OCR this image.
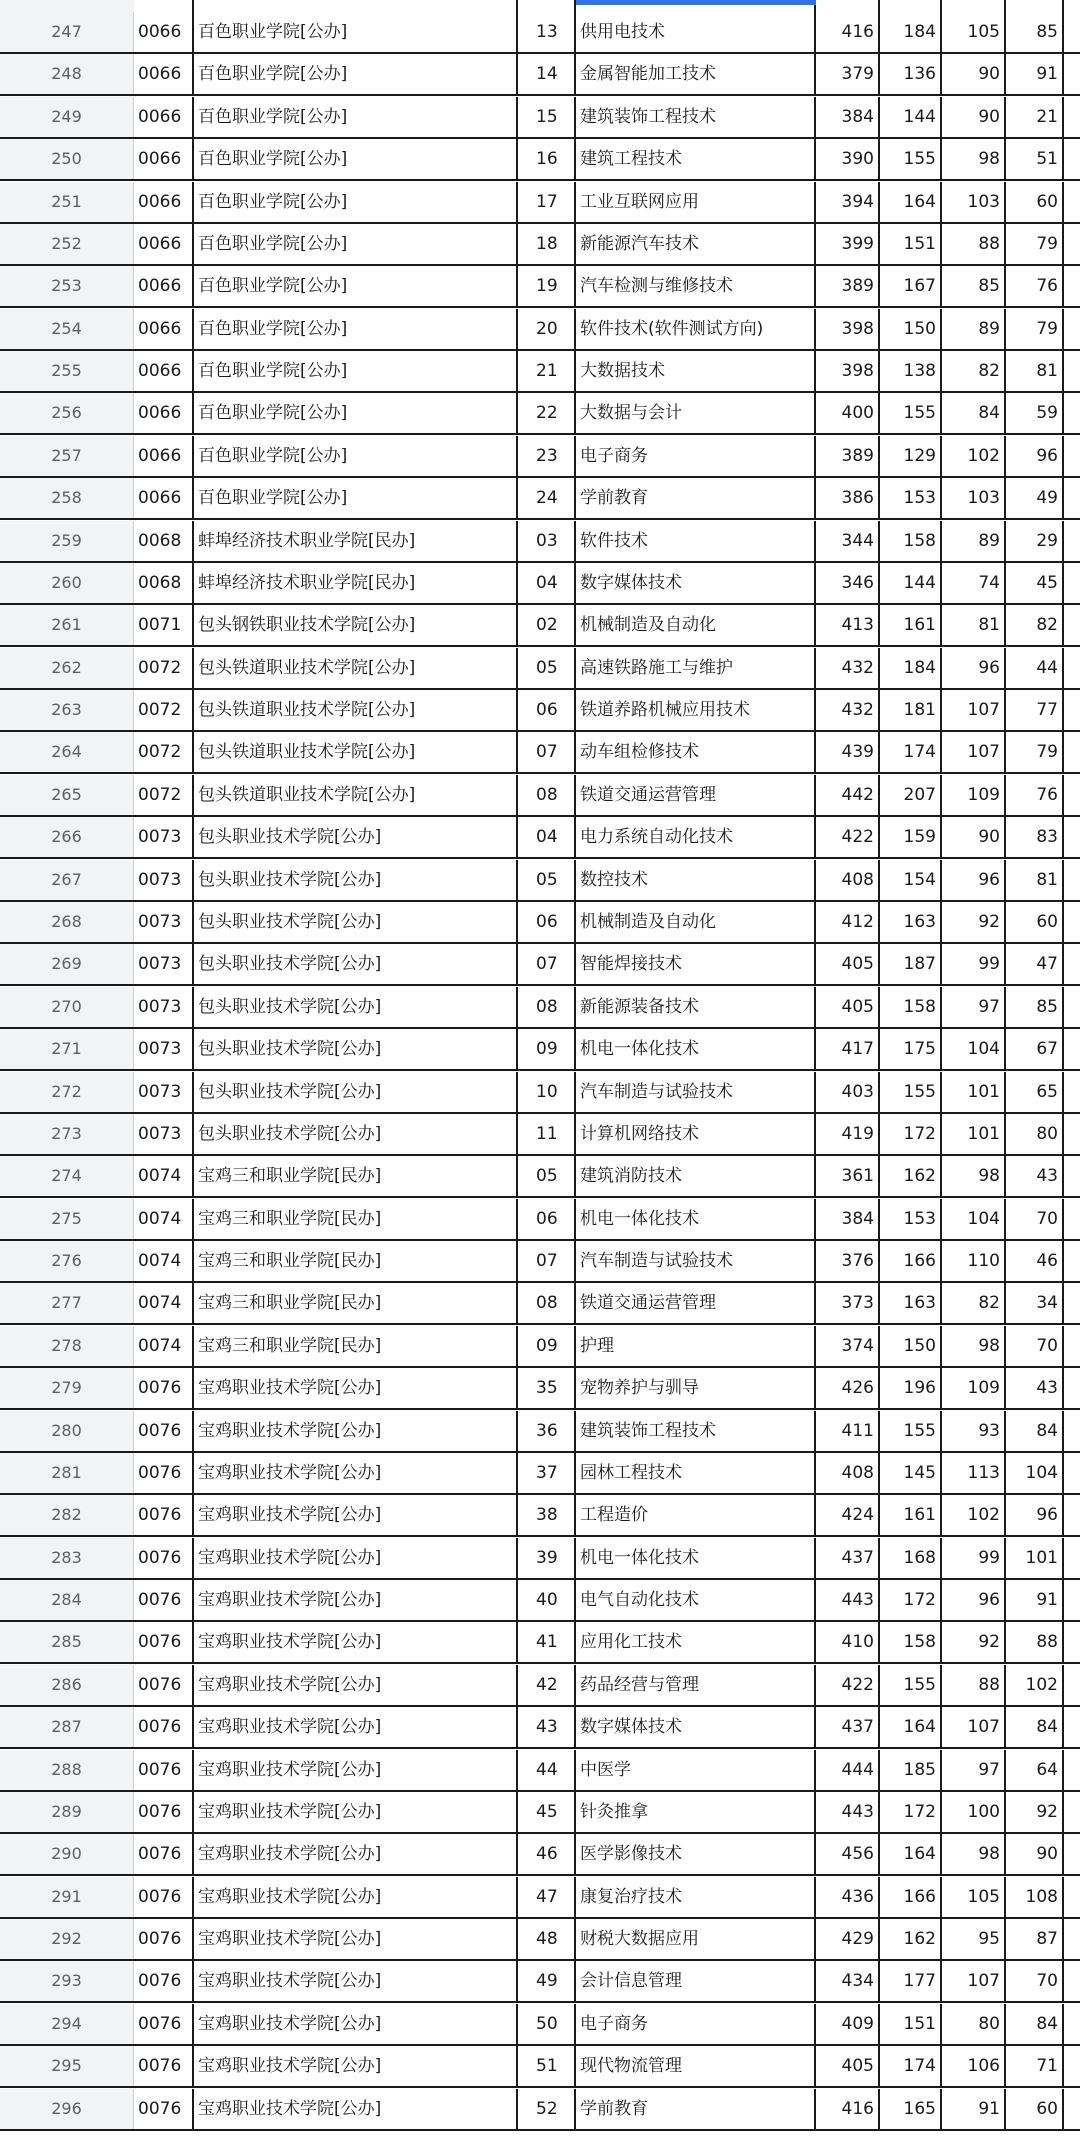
247	0066 百色职业学院[公办]	13	供用电技术	416	184	105	85
248	0066 百色职业学院[公办]	14	金属智能加工技术	379	136	90	91
249	0066 百色职业学院[公办]	15	建筑装饰工程技术	384	144	90	21
250	0066 百色职业学院[公办]	16	建筑工程技术	390	155	98	51
251	0066 百色职业学院[公办]	17	工业互联网应用	394	164	103	60
252	0066 百色职业学院[公办]	18	新能源汽车技术	399	151	88	79
253	0066 百色职业学院[公办]	19	汽车检测与维修技术	389	167	85	76
254	0066 百色职业学院[公办]	20	软件技术(软件测试方向)	398	150	89	79
255	0066 百色职业学院[公办]	21	大数据技术	398	138	82	81
256	0066 百色职业学院[公办]	22	大数据与会计	400	155	84	59
257	0066 百色职业学院[公办]	23	电子商务	389	129	102	96
258	0066 百色职业学院[公办]	24	学前教育	386	153	103	49
259	0068 蚌埠经济技术职业学院[民办]	03	软件技术	344	158	89	29
260	0068 蚌埠经济技术职业学院[民办]	04	数字媒体技术	346	144	74	45
261	0071 包头钢铁职业技术学院[公办]	02	机械制造及自动化	413	161	81	82
262	0072 包头铁道职业技术学院[公办]	05	高速铁路施工与维护	432	184	96	44
263	0072 包头铁道职业技术学院[公办]	06	铁道养路机械应用技术	432	181	107	77
264	0072 包头铁道职业技术学院[公办]	07	动车组检修技术	439	174	107	79
265	0072 包头铁道职业技术学院[公办]	08	铁道交通运营管理	442	207	109	76
266	0073 包头职业技术学院[公办]	04	电力系统自动化技术	422	159	90	83
267	0073 包头职业技术学院[公办]	05	数控技术	408	154	96	81
268	0073 包头职业技术学院[公办]	06	机械制造及自动化	412	163	92	60
269	0073 包头职业技术学院[公办]	07	智能焊接技术	405	187	99	47
270	0073 包头职业技术学院[公办]	08	新能源装备技术	405	158	97	85
271	0073 包头职业技术学院[公办]	09	机电一体化技术	417	175	104	67
272	0073 包头职业技术学院[公办]	10	汽车制造与试验技术	403	155	101	65
273	0073 包头职业技术学院[公办]	11	计算机网络技术	419	172	101	80
274	0074 宝鸡三和职业学院[民办]	05	建筑消防技术	361	162	98	43
275	0074 宝鸡三和职业学院[民办]	06	机电一体化技术	384	153	104	70
276	0074 宝鸡三和职业学院[民办]	07	汽车制造与试验技术	376	166	110	46
277	0074 宝鸡三和职业学院[民办]	08	铁道交通运营管理	373	163	82	34
278	0074 宝鸡三和职业学院[民办]	09	护理	374	150	98	70
279	0076 宝鸡职业技术学院[公办]	35	宠物养护与驯导	426	196	109	43
280	0076 宝鸡职业技术学院[公办]	36	建筑装饰工程技术	411	155	93	84
281	0076 宝鸡职业技术学院[公办]	37	园林工程技术	408	145	113	104
282	0076 宝鸡职业技术学院[公办]	38	工程造价	424	161	102	96
283	0076 宝鸡职业技术学院[公办]	39	机电一体化技术	437	168	99	101
284	0076 宝鸡职业技术学院[公办]	40	电气自动化技术	443	172	96	91
285	0076 宝鸡职业技术学院[公办]	41	应用化工技术	410	158	92	88
286	0076 宝鸡职业技术学院[公办]	42	药品经营与管理	422	155	88	102
287	0076 宝鸡职业技术学院[公办]	43	数字媒体技术	437	164	107	84
288	0076 宝鸡职业技术学院[公办]	44	中医学	444	185	97	64
289	0076 宝鸡职业技术学院[公办]	45	针灸推拿	443	172	100	92
290	0076 宝鸡职业技术学院[公办]	46	医学影像技术	456	164	98	90
291	0076 宝鸡职业技术学院[公办]	47	康复治疗技术	436	166	105	108
292	0076 宝鸡职业技术学院[公办]	48	财税大数据应用	429	162	95	87
293	0076 宝鸡职业技术学院[公办]	49	会计信息管理	434	177	107	70
294	0076 宝鸡职业技术学院[公办]	50	电子商务	409	151	80	84
295	0076 宝鸡职业技术学院[公办]	51	现代物流管理	405	174	106	71
296	0076 宝鸡职业技术学院[公办]	52	学前教育	416	165	91	60
